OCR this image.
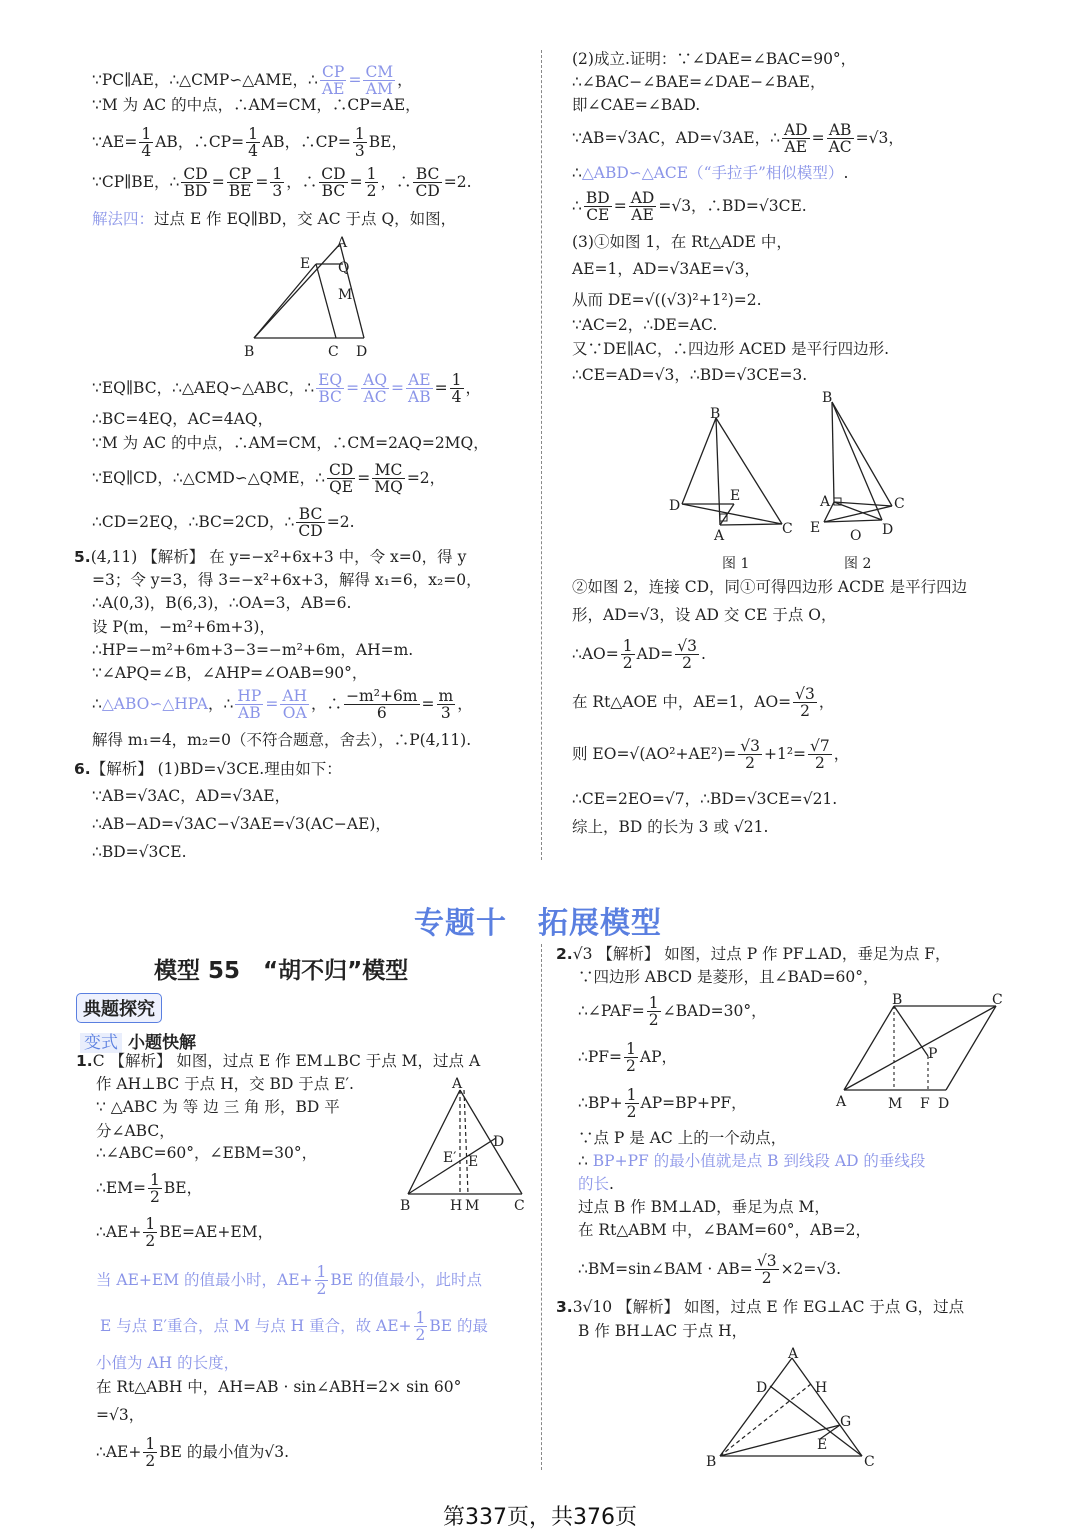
∵PC∥AE，∴△CMP∽△AME，∴ $\frac{CP}{AE} = \frac{CM}{AM}$ ，
∵M 为 AC 的中点，∴AM=CM，∴CP=AE，
∵AE= $\frac{1}{4}$ AB，∴CP= $\frac{1}{4}$ AB，∴CP= $\frac{1}{3}$ BE，
∵CP∥BE，∴ $\frac{CD}{BD} = \frac{CP}{BE} = \frac{1}{3}$ ，∴ $\frac{CD}{BC} = \frac{1}{2}$ ，∴ $\frac{BC}{CD} =2$.
解法四：过点 E 作 EQ∥BD，交 AC 于点 Q，如图，
A
E Q
M
B	C D
∵EQ∥BC，∴△AEQ∽△ABC，∴ $\frac{EQ}{BC} = \frac{AQ}{AC} = \frac{AE}{AB} = \frac{1}{4}$ ，
∴BC=4EQ，AC=4AQ，
∵M 为 AC 的中点，∴AM=CM，∴CM=2AQ=2MQ，
∵EQ∥CD，∴△CMD∽△QME，∴ $\frac{CD}{QE} = \frac{MC}{MQ} =2$，
∴CD=2EQ，∴BC=2CD，∴ $\frac{BC}{CD} =2$.
5.(4,11) 【解析】 在 y=−x²+6x+3 中，令 x=0，得 y
=3；令 y=3，得 3=−x²+6x+3，解得 x₁=6，x₂=0，
∴A(0,3)，B(6,3)，∴OA=3，AB=6.
设 P(m，−m²+6m+3)，
∴HP=−m²+6m+3−3=−m²+6m，AH=m.
∵∠APQ=∠B，∠AHP=∠OAB=90°，
∴△ABO∽△HPA，∴ $\frac{HP}{AB} = \frac{AH}{OA}$ ，∴ $\frac{\text{−m²+6m}}{6} = \frac{m}{3}$ ，
解得 m₁=4，m₂=0（不符合题意，舍去），∴P(4,11).
6.【解析】 (1)BD=√3CE.理由如下：
∵AB=√3AC，AD=√3AE，
∴AB−AD=√3AC−√3AE=√3(AC−AE)，
∴BD=√3CE.
(2)成立.证明：∵∠DAE=∠BAC=90°，
∴∠BAC−∠BAE=∠DAE−∠BAE，
即∠CAE=∠BAD.
∵AB=√3AC，AD=√3AE，∴ $\frac{AD}{AE} = \frac{AB}{AC} =√3$，
∴△ABD∽△ACE（“手拉手”相似模型）.
∴ $\frac{BD}{CE} = \frac{AD}{AE} =√3$，∴BD=√3CE.
(3)①如图 1，在 Rt△ADE 中，
AE=1，AD=√3AE=√3，
从而 DE=√((√3)²+1²)=2.
∵AC=2，∴DE=AC.
又∵DE∥AC，∴四边形 ACED 是平行四边形.
∴CE=AD=√3，∴BD=√3CE=3.
B
D
E
A	C
图 1
B
A	C
E O D
图 2
②如图 2，连接 CD，同①可得四边形 ACDE 是平行四边
形，AD=√3，设 AD 交 CE 于点 O，
∴AO= $\frac{1}{2} AD= \frac{√3}{2}$ .
在 Rt△AOE 中，AE=1，$AO= \frac{√3}{2}$ ，
则 $EO=√(AO^2+AE^2)= \frac{√3}{2} +1^2= \frac{√7}{2}$ ，
∴CE=2EO=√7，∴BD=√3CE=√21.
综上，BD 的长为 3 或 √21.
专题十　拓展模型
模型 55　“胡不归”模型
典题探究
变式 小题快解
1.C 【解析】 如图，过点 E 作 EM⊥BC 于点 M，过点 A
作 AH⊥BC 于点 H，交 BD 于点 E′.
∵ △ABC 为 等 边 三 角 形，BD 平
分∠ABC，
∴∠ABC=60°，∠EBM=30°，
∴EM= $\frac{1}{2}$ BE，
∴AE+ $\frac{1}{2} BE=AE+EM$，
当 AE+EM 的值最小时，$AE+ \frac{1}{2}$ BE 的值最小，此时点
E 与点 E′重合，点 M 与点 H 重合，故 $AE+ \frac{1}{2}$ BE 的最
小值为 AH 的长度，
在 Rt△ABH 中，AH=AB · sin∠ABH=2× sin 60°
=√3，
∴AE+ $\frac{1}{2}$ BE 的最小值为√3.
A
D
E′ E
B	H M C
2.√3 【解析】 如图，过点 P 作 PF⊥AD，垂足为点 F，
∵四边形 ABCD 是菱形，且∠BAD=60°，
∴∠PAF= $\frac{1}{2}$ ∠BAD=30°，
∴PF= $\frac{1}{2}$ AP，
∴BP+ $\frac{1}{2} AP=BP+PF$，
∵点 P 是 AC 上的一个动点，
∴ BP+PF 的最小值就是点 B 到线段 AD 的垂线段
的长.
过点 B 作 BM⊥AD，垂足为点 M，
在 Rt△ABM 中，∠BAM=60°，AB=2，
∴BM=sin∠BAM · $AB= \frac{√3}{2} \times 2=√3$.
B	C
P
A	M F D
3.3√10 【解析】 如图，过点 E 作 EG⊥AC 于点 G，过点
B 作 BH⊥AC 于点 H，
A
D	H
G
E
B	C
第337页，共376页
